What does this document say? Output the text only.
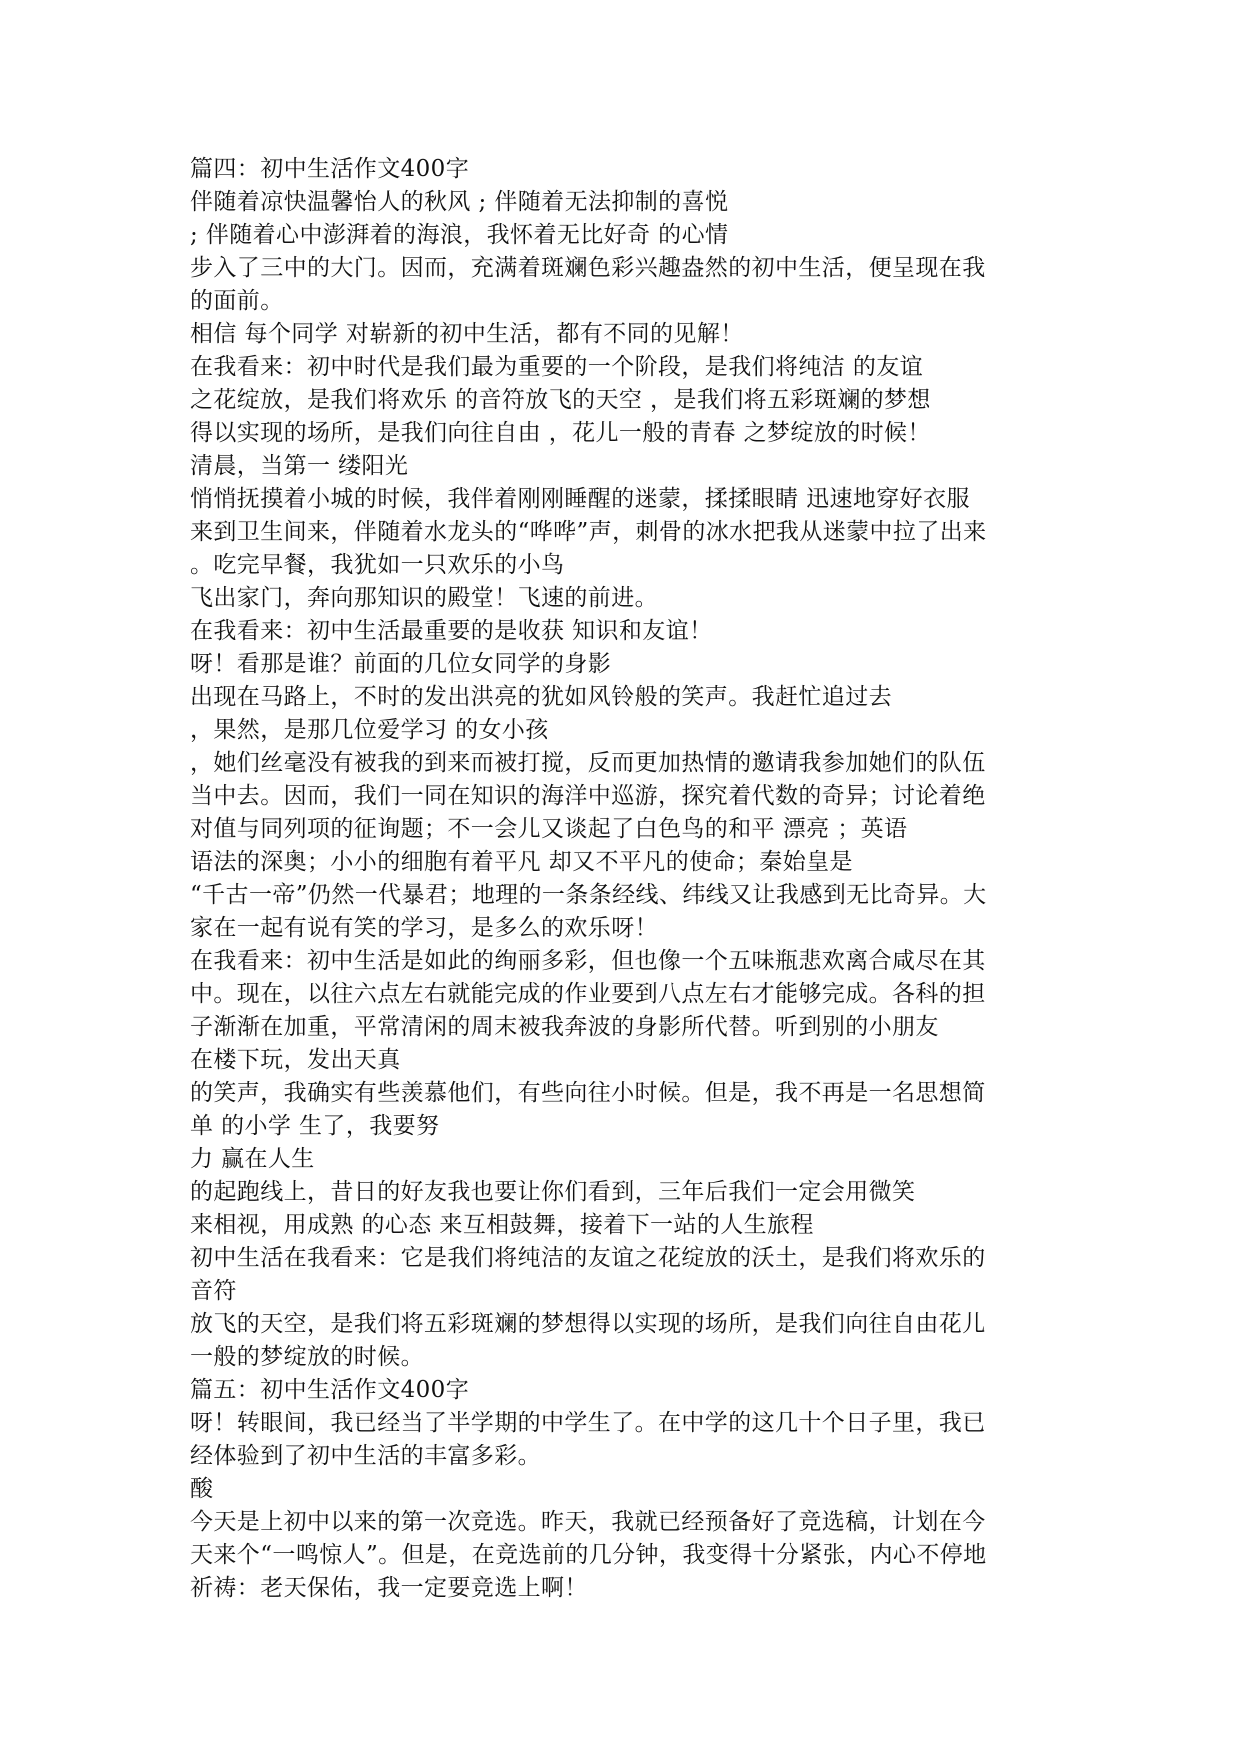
篇四：初中生活作文400字
伴随着凉快温馨怡人的秋风 ; 伴随着无法抑制的喜悦
; 伴随着心中澎湃着的海浪，我怀着无比好奇 的心情
步入了三中的大门。因而，充满着斑斓色彩兴趣盎然的初中生活，便呈现在我
的面前。
相信 每个同学 对崭新的初中生活，都有不同的见解！
在我看来：初中时代是我们最为重要的一个阶段，是我们将纯洁 的友谊
之花绽放，是我们将欢乐 的音符放飞的天空 ，是我们将五彩斑斓的梦想
得以实现的场所，是我们向往自由 ，花儿一般的青春 之梦绽放的时候！
清晨，当第一 缕阳光
悄悄抚摸着小城的时候，我伴着刚刚睡醒的迷蒙，揉揉眼睛 迅速地穿好衣服
来到卫生间来，伴随着水龙头的“哗哗”声，刺骨的冰水把我从迷蒙中拉了出来
。吃完早餐，我犹如一只欢乐的小鸟
飞出家门，奔向那知识的殿堂！飞速的前进。
在我看来：初中生活最重要的是收获 知识和友谊！
呀！看那是谁？前面的几位女同学的身影
出现在马路上，不时的发出洪亮的犹如风铃般的笑声。我赶忙追过去
，果然，是那几位爱学习 的女小孩
，她们丝毫没有被我的到来而被打搅，反而更加热情的邀请我参加她们的队伍
当中去。因而，我们一同在知识的海洋中巡游，探究着代数的奇异；讨论着绝
对值与同列项的征询题；不一会儿又谈起了白色鸟的和平 漂亮 ；英语
语法的深奥；小小的细胞有着平凡 却又不平凡的使命；秦始皇是
“千古一帝”仍然一代暴君；地理的一条条经线、纬线又让我感到无比奇异。大
家在一起有说有笑的学习，是多么的欢乐呀！
在我看来：初中生活是如此的绚丽多彩，但也像一个五味瓶悲欢离合咸尽在其
中。现在，以往六点左右就能完成的作业要到八点左右才能够完成。各科的担
子渐渐在加重，平常清闲的周末被我奔波的身影所代替。听到别的小朋友
在楼下玩，发出天真
的笑声，我确实有些羡慕他们，有些向往小时候。但是，我不再是一名思想简
单 的小学 生了，我要努
力 赢在人生
的起跑线上，昔日的好友我也要让你们看到，三年后我们一定会用微笑
来相视，用成熟 的心态 来互相鼓舞，接着下一站的人生旅程
初中生活在我看来：它是我们将纯洁的友谊之花绽放的沃土，是我们将欢乐的
音符
放飞的天空，是我们将五彩斑斓的梦想得以实现的场所，是我们向往自由花儿
一般的梦绽放的时候。
篇五：初中生活作文400字
呀！转眼间，我已经当了半学期的中学生了。在中学的这几十个日子里，我已
经体验到了初中生活的丰富多彩。
酸
今天是上初中以来的第一次竞选。昨天，我就已经预备好了竞选稿，计划在今
天来个“一鸣惊人”。但是，在竞选前的几分钟，我变得十分紧张，内心不停地
祈祷：老天保佑，我一定要竞选上啊！
